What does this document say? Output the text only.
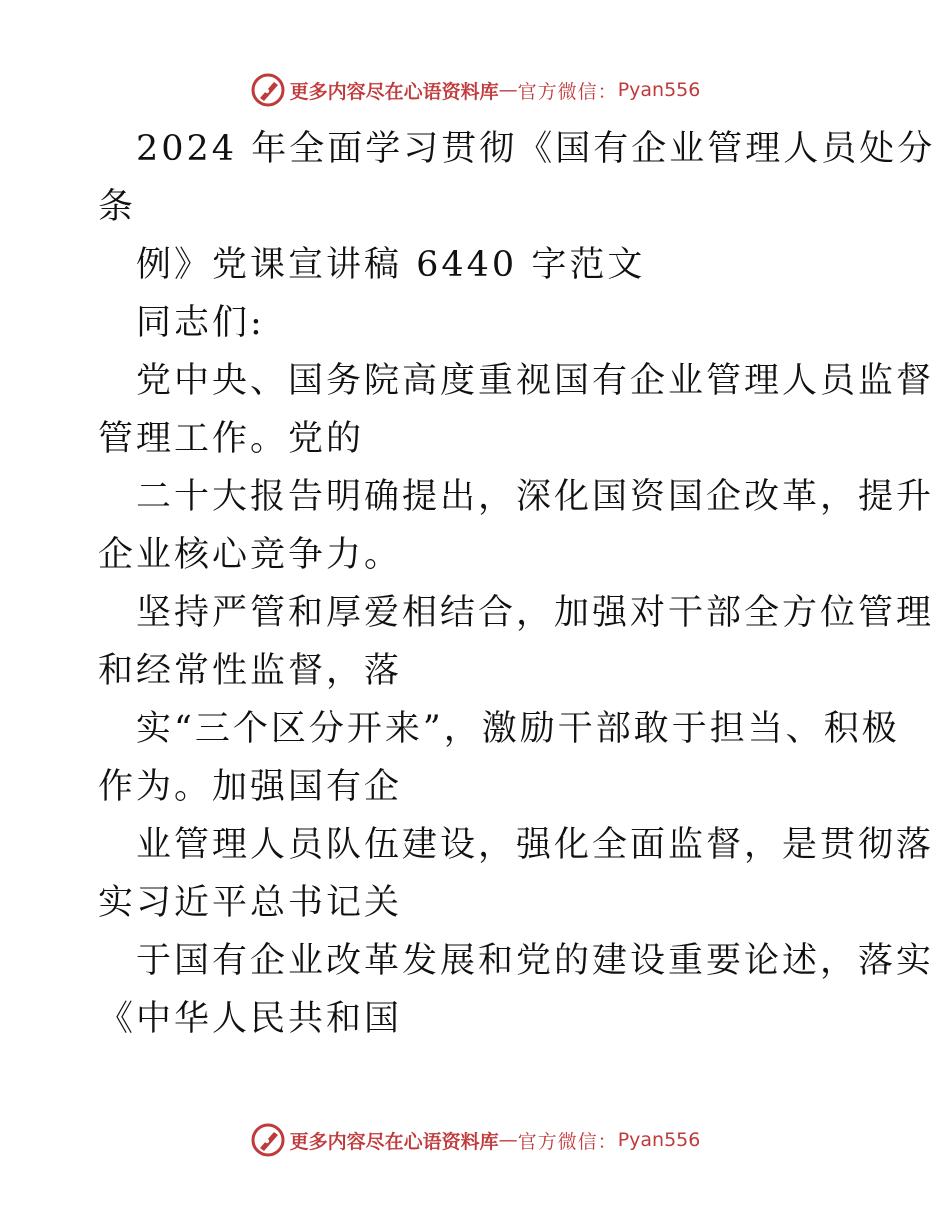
更多内容尽在心语资料库 — 官方微信： Pyan556
2024 年全面学习贯彻《国有企业管理人员处分
条
例》党课宣讲稿 6440 字范文
同志们:
党中央、国务院高度重视国有企业管理人员监督
管理工作。党的
二十大报告明确提出，深化国资国企改革，提升
企业核心竞争力。
坚持严管和厚爱相结合，加强对干部全方位管理
和经常性监督，落
实“三个区分开来”，激励干部敢于担当、积极
作为。加强国有企
业管理人员队伍建设，强化全面监督，是贯彻落
实习近平总书记关
于国有企业改革发展和党的建设重要论述，落实
《中华人民共和国
更多内容尽在心语资料库 — 官方微信： Pyan556
